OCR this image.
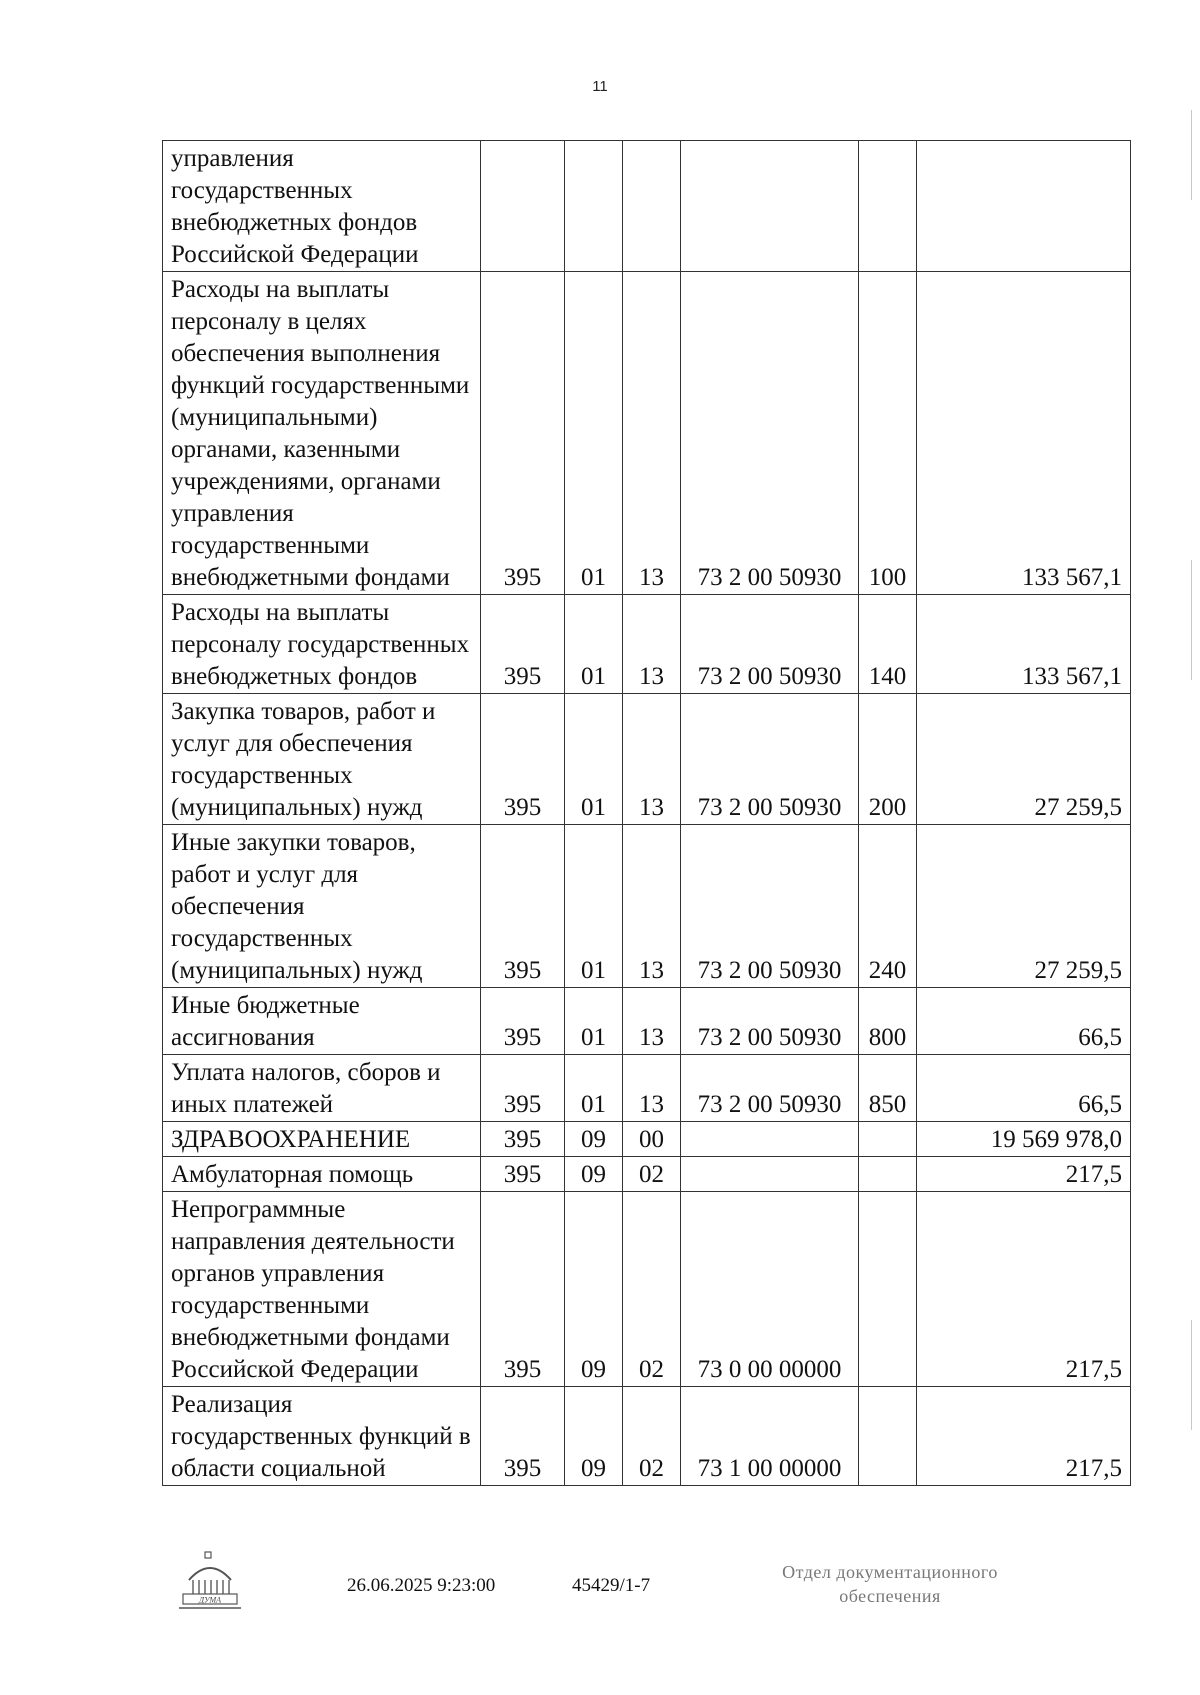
11
управления государственных внебюджетных фондов Российской Федерации						
Расходы на выплаты персоналу в целях обеспечения выполнения функций государственными (муниципальными) органами, казенными учреждениями, органами управления государственными внебюджетными фондами	395	01	13	73 2 00 50930	100	133 567,1
Расходы на выплаты персоналу государственных внебюджетных фондов	395	01	13	73 2 00 50930	140	133 567,1
Закупка товаров, работ и услуг для обеспечения государственных (муниципальных) нужд	395	01	13	73 2 00 50930	200	27 259,5
Иные закупки товаров, работ и услуг для обеспечения государственных (муниципальных) нужд	395	01	13	73 2 00 50930	240	27 259,5
Иные бюджетные ассигнования	395	01	13	73 2 00 50930	800	66,5
Уплата налогов, сборов и иных платежей	395	01	13	73 2 00 50930	850	66,5
ЗДРАВООХРАНЕНИЕ	395	09	00			19 569 978,0
Амбулаторная помощь	395	09	02			217,5
Непрограммные направления деятельности органов управления государственными внебюджетными фондами Российской Федерации	395	09	02	73 0 00 00000		217,5
Реализация государственных функций в области социальной	395	09	02	73 1 00 00000		217,5
ДУМА
26.06.2025 9:23:00	45429/1-7
Отдел документационного
обеспечения
